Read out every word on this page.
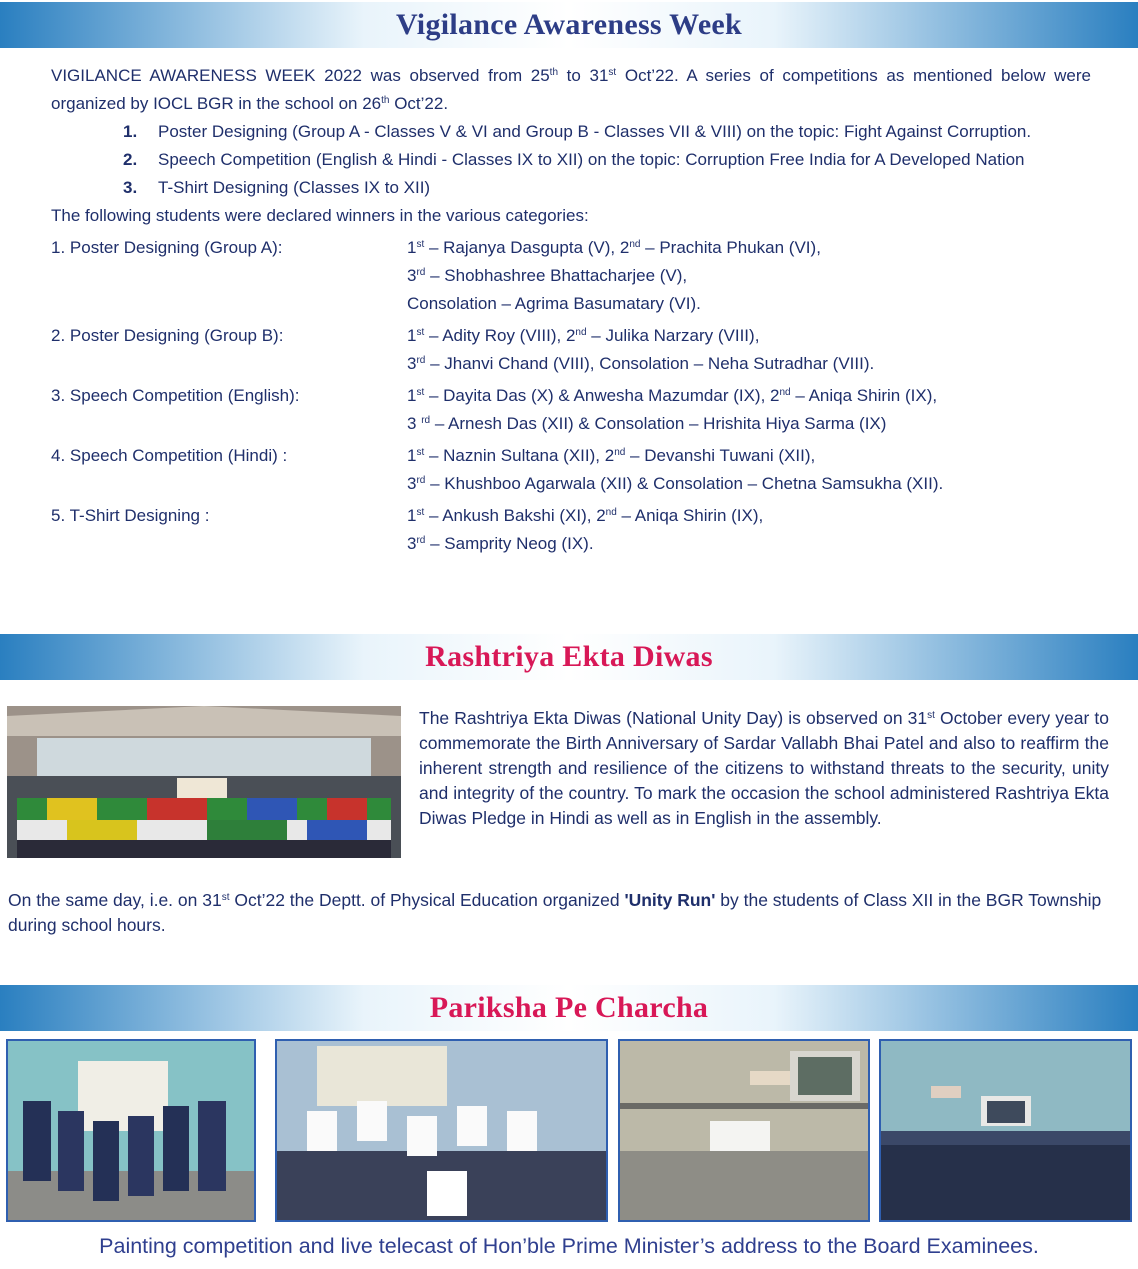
Vigilance Awareness Week
VIGILANCE AWARENESS WEEK 2022 was observed from 25th to 31st Oct’22. A series of competitions as mentioned below were organized by IOCL BGR in the school on 26th Oct’22.
1. Poster Designing (Group A - Classes V & VI and Group B - Classes VII & VIII) on the topic: Fight Against Corruption.
2. Speech Competition (English & Hindi - Classes IX to XII) on the topic: Corruption Free India for A Developed Nation
3. T-Shirt Designing (Classes IX to XII)
The following students were declared winners in the various categories:
1. Poster Designing (Group A):	1st – Rajanya Dasgupta (V), 2nd – Prachita Phukan (VI),
3rd – Shobhashree Bhattacharjee (V),
Consolation – Agrima Basumatary (VI).
2. Poster Designing (Group B):	1st – Adity Roy (VIII), 2nd – Julika Narzary (VIII),
3rd – Jhanvi Chand (VIII), Consolation – Neha Sutradhar (VIII).
3. Speech Competition (English):	1st – Dayita Das (X) & Anwesha Mazumdar (IX), 2nd – Aniqa Shirin (IX),
3 $^{rd}$ – Arnesh Das (XII) & Consolation – Hrishita Hiya Sarma (IX)
4. Speech Competition (Hindi) :	1st – Naznin Sultana (XII), 2nd – Devanshi Tuwani (XII),
3rd – Khushboo Agarwala (XII) & Consolation – Chetna Samsukha (XII).
5. T-Shirt Designing :	1st – Ankush Bakshi (XI), 2nd – Aniqa Shirin (IX),
3rd – Samprity Neog (IX).
Rashtriya Ekta Diwas
The Rashtriya Ekta Diwas (National Unity Day) is observed on 31st October every year to commemorate the Birth Anniversary of Sardar Vallabh Bhai Patel and also to reaffirm the inherent strength and resilience of the citizens to withstand threats to the security, unity and integrity of the country. To mark the occasion the school administered Rashtriya Ekta Diwas Pledge in Hindi as well as in English in the assembly.
On the same day, i.e. on 31st Oct’22 the Deptt. of Physical Education organized 'Unity Run' by the students of Class XII in the BGR Township during school hours.
Pariksha Pe Charcha
Painting competition and live telecast of Hon’ble Prime Minister’s address to the Board Examinees.
